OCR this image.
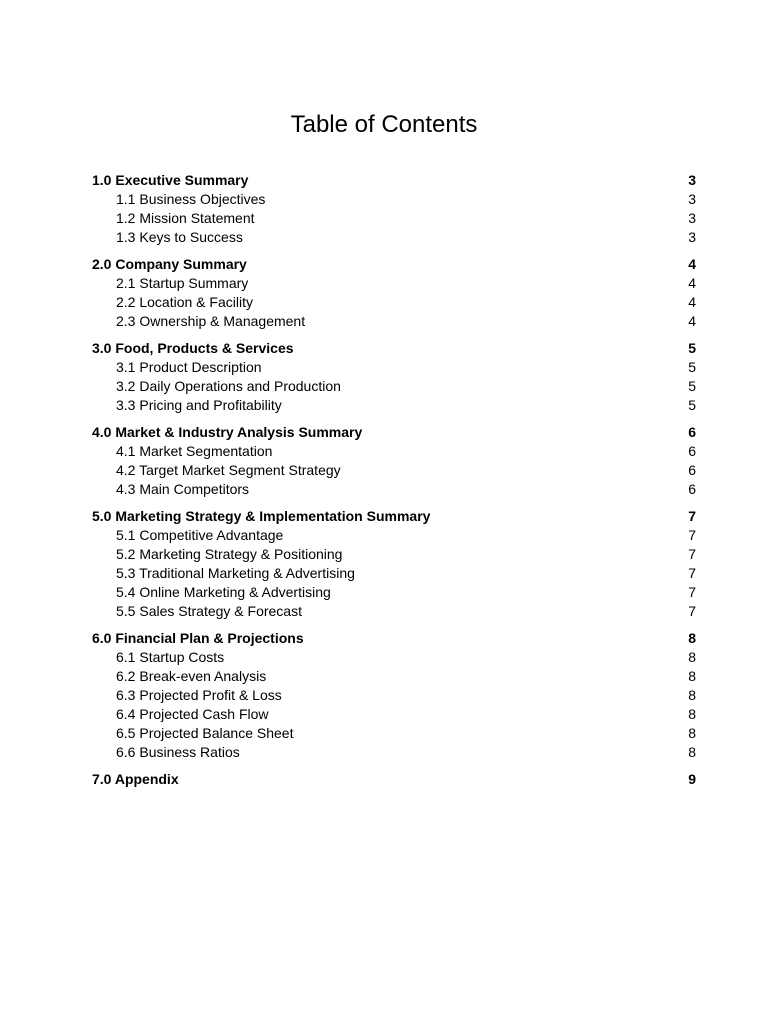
Table of Contents
1.0 Executive Summary	3
1.1 Business Objectives	3
1.2 Mission Statement	3
1.3 Keys to Success	3
2.0 Company Summary	4
2.1 Startup Summary	4
2.2 Location & Facility	4
2.3 Ownership & Management	4
3.0 Food, Products & Services	5
3.1 Product Description	5
3.2 Daily Operations and Production	5
3.3 Pricing and Profitability	5
4.0 Market & Industry Analysis Summary	6
4.1 Market Segmentation	6
4.2 Target Market Segment Strategy	6
4.3 Main Competitors	6
5.0 Marketing Strategy & Implementation Summary	7
5.1 Competitive Advantage	7
5.2 Marketing Strategy & Positioning	7
5.3 Traditional Marketing & Advertising	7
5.4 Online Marketing & Advertising	7
5.5 Sales Strategy & Forecast	7
6.0 Financial Plan & Projections	8
6.1 Startup Costs	8
6.2 Break-even Analysis	8
6.3 Projected Profit & Loss	8
6.4 Projected Cash Flow	8
6.5 Projected Balance Sheet	8
6.6 Business Ratios	8
7.0 Appendix	9
